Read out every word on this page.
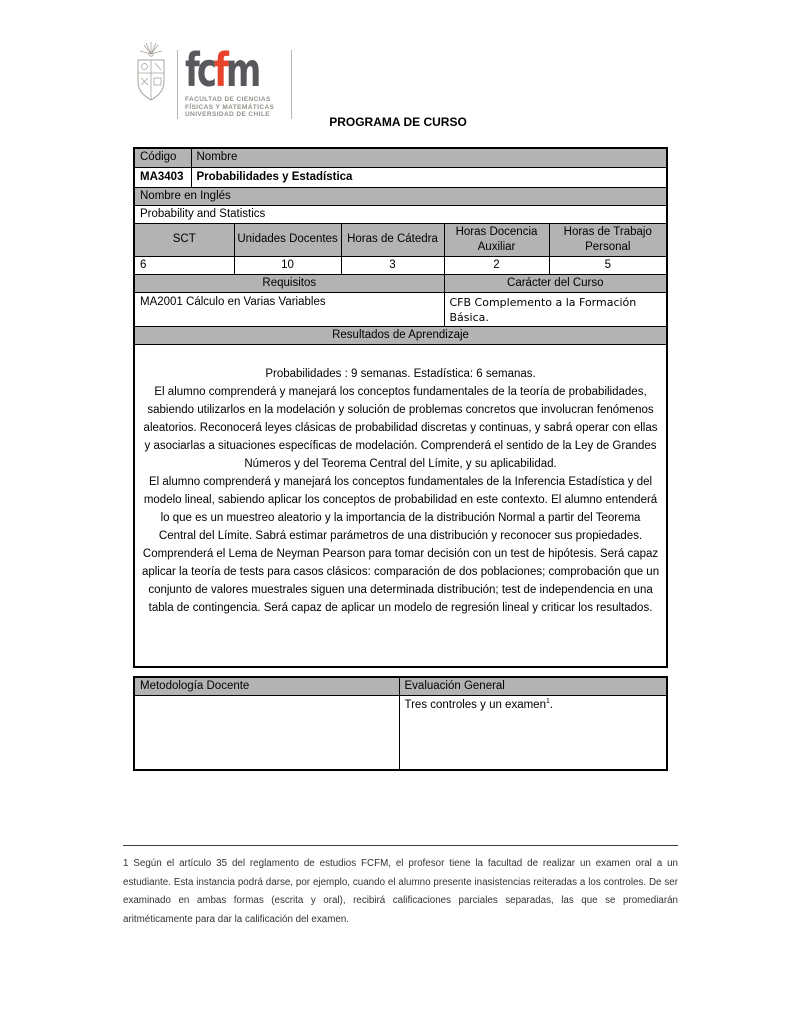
fcfm
FACULTAD DE CIENCIAS
FÍSICAS Y MATEMÁTICAS
UNIVERSIDAD DE CHILE
PROGRAMA DE CURSO
Código	Nombre				
MA3403	Probabilidades y Estadística				
Nombre en Inglés					
Probability and Statistics					
SCT		Unidades Docentes	Horas de Cátedra	Horas Docencia Auxiliar	Horas de Trabajo Personal
6		10	3	2	5
Requisitos				Carácter del Curso	
MA2001 Cálculo en Varias Variables				CFB Complemento a la Formación Básica.	
Resultados de Aprendizaje					

Probabilidades : 9 semanas. Estadística: 6 semanas.

El alumno comprenderá y manejará los conceptos fundamentales de la teoría de probabilidades, sabiendo utilizarlos en la modelación y solución de problemas concretos que involucran fenómenos aleatorios. Reconocerá leyes clásicas de probabilidad discretas y continuas, y sabrá operar con ellas y asociarlas a situaciones específicas de modelación. Comprenderá el sentido de la Ley de Grandes Números y del Teorema Central del Límite, y su aplicabilidad.

El alumno comprenderá y manejará los conceptos fundamentales de la Inferencia Estadística y del modelo lineal, sabiendo aplicar los conceptos de probabilidad en este contexto. El alumno entenderá lo que es un muestreo aleatorio y la importancia de la distribución Normal a partir del Teorema Central del Límite. Sabrá estimar parámetros de una distribución y reconocer sus propiedades. Comprenderá el Lema de Neyman Pearson para tomar decisión con un test de hipótesis. Será capaz aplicar la teoría de tests para casos clásicos: comparación de dos poblaciones; comprobación que un conjunto de valores muestrales siguen una determinada distribución; test de independencia en una tabla de contingencia. Será capaz de aplicar un modelo de regresión lineal y criticar los resultados.					

Metodología Docente	Evaluación General
	Tres controles y un examen$^1$.
1 Según el artículo 35 del reglamento de estudios FCFM, el profesor tiene la facultad de realizar un examen oral a un estudiante. Esta instancia podrá darse, por ejemplo, cuando el alumno presente inasistencias reiteradas a los controles. De ser examinado en ambas formas (escrita y oral), recibirá calificaciones parciales separadas, las que se promediarán aritméticamente para dar la calificación del examen.
